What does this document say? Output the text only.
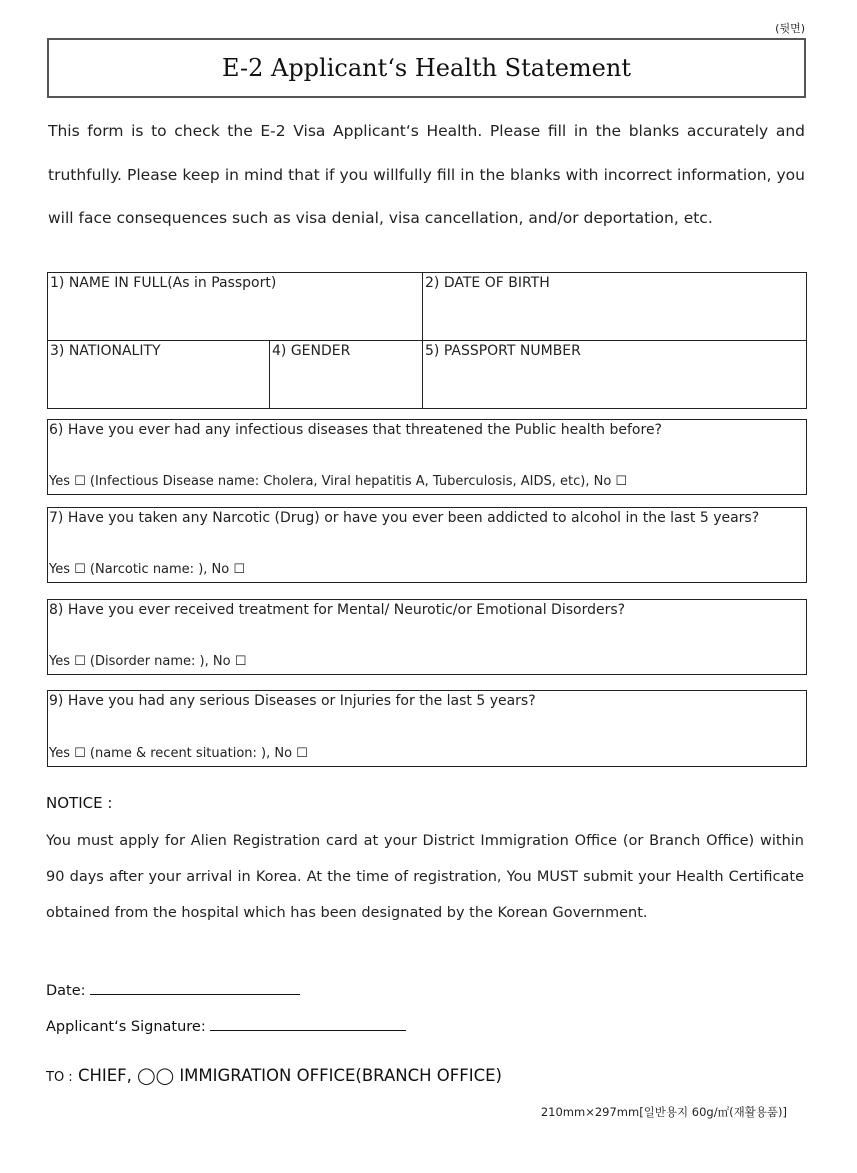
(뒷면)
E-2 Applicant‘s Health Statement
This form is to check the E-2 Visa Applicant‘s Health. Please fill in the blanks accurately and truthfully. Please keep in mind that if you willfully fill in the blanks with incorrect information, you will face consequences such as visa denial, visa cancellation, and/or deportation, etc.
1) NAME IN FULL(As in Passport)		2) DATE OF BIRTH
3) NATIONALITY	4) GENDER	5) PASSPORT NUMBER
6) Have you ever had any infectious diseases that threatened the Public health before?
Yes ☐ (Infectious Disease name: Cholera, Viral hepatitis A, Tuberculosis, AIDS, etc), No ☐
7) Have you taken any Narcotic (Drug) or have you ever been addicted to alcohol in the last 5 years?
Yes ☐ (Narcotic name: ), No ☐
8) Have you ever received treatment for Mental/ Neurotic/or Emotional Disorders?
Yes ☐ (Disorder name: ), No ☐
9) Have you had any serious Diseases or Injuries for the last 5 years?
Yes ☐ (name & recent situation: ), No ☐
NOTICE :
You must apply for Alien Registration card at your District Immigration Office (or Branch Office) within 90 days after your arrival in Korea. At the time of registration, You MUST submit your Health Certificate obtained from the hospital which has been designated by the Korean Government.
Date:
Applicant‘s Signature:
TO : CHIEF, ◯◯ IMMIGRATION OFFICE(BRANCH OFFICE)
210mm×297mm[일반용지 60g/㎡(재활용품)]
